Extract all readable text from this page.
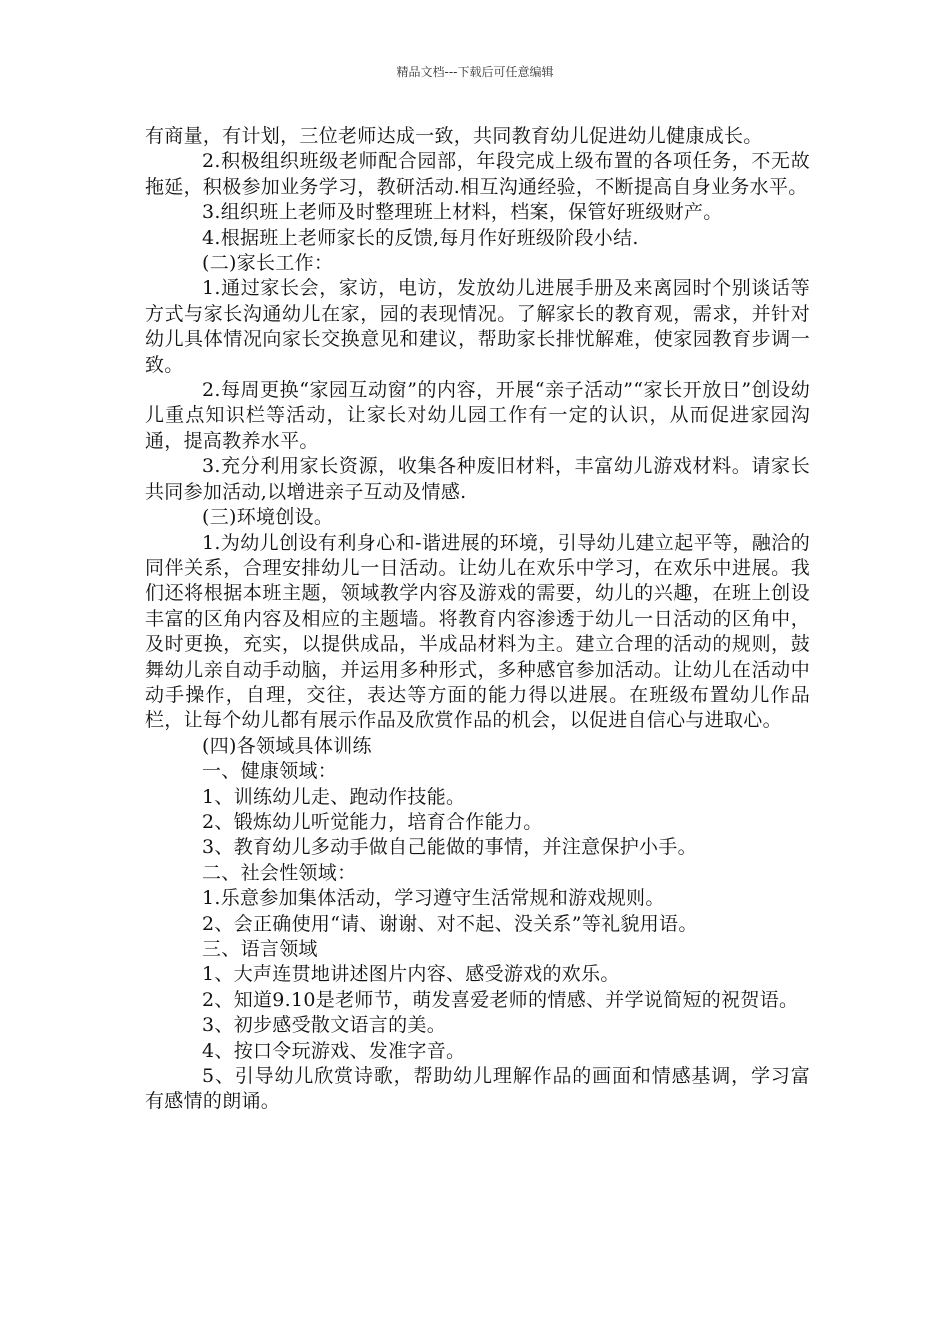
精品文档---下载后可任意编辑

有商量，有计划，三位老师达成一致，共同教育幼儿促进幼儿健康成长。

2.积极组织班级老师配合园部，年段完成上级布置的各项任务，不无故拖延，积极参加业务学习，教研活动.相互沟通经验，不断提高自身业务水平。

3.组织班上老师及时整理班上材料，档案，保管好班级财产。

4.根据班上老师家长的反馈,每月作好班级阶段小结.

(二)家长工作：

1.通过家长会，家访，电访，发放幼儿进展手册及来离园时个别谈话等方式与家长沟通幼儿在家，园的表现情况。了解家长的教育观，需求，并针对幼儿具体情况向家长交换意见和建议，帮助家长排忧解难，使家园教育步调一致。

2.每周更换“家园互动窗”的内容，开展“亲子活动”“家长开放日”创设幼儿重点知识栏等活动，让家长对幼儿园工作有一定的认识，从而促进家园沟通，提高教养水平。

3.充分利用家长资源，收集各种废旧材料，丰富幼儿游戏材料。请家长共同参加活动,以增进亲子互动及情感.

(三)环境创设。

1.为幼儿创设有利身心和-谐进展的环境，引导幼儿建立起平等，融洽的同伴关系，合理安排幼儿一日活动。让幼儿在欢乐中学习，在欢乐中进展。我们还将根据本班主题，领域教学内容及游戏的需要，幼儿的兴趣，在班上创设丰富的区角内容及相应的主题墙。将教育内容渗透于幼儿一日活动的区角中，及时更换，充实，以提供成品，半成品材料为主。建立合理的活动的规则，鼓舞幼儿亲自动手动脑，并运用多种形式，多种感官参加活动。让幼儿在活动中动手操作，自理，交往，表达等方面的能力得以进展。在班级布置幼儿作品栏，让每个幼儿都有展示作品及欣赏作品的机会，以促进自信心与进取心。

(四)各领域具体训练

一、健康领域：

1、训练幼儿走、跑动作技能。

2、锻炼幼儿听觉能力，培育合作能力。

3、教育幼儿多动手做自己能做的事情，并注意保护小手。

二、社会性领域：

1.乐意参加集体活动，学习遵守生活常规和游戏规则。

2、会正确使用“请、谢谢、对不起、没关系”等礼貌用语。

三、语言领域

1、大声连贯地讲述图片内容、感受游戏的欢乐。

2、知道9.10是老师节，萌发喜爱老师的情感、并学说简短的祝贺语。

3、初步感受散文语言的美。

4、按口令玩游戏、发准字音。

5、引导幼儿欣赏诗歌，帮助幼儿理解作品的画面和情感基调，学习富有感情的朗诵。
